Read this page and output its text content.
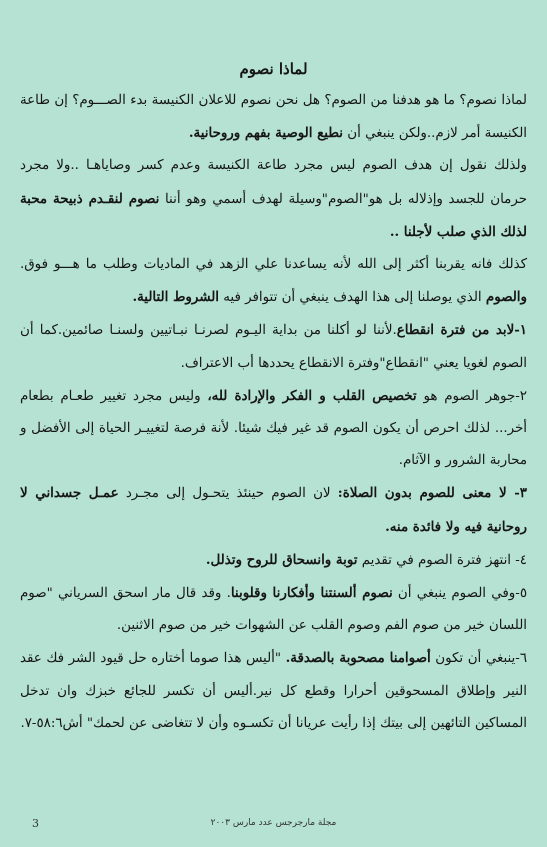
لماذا نصوم

لماذا نصوم؟ ما هو هدفنا من الصوم؟ هل نحن نصوم للاعلان الكنيسة بدء الصـــوم؟ إن طاعة الكنيسة أمر لازم..ولكن ينبغي أن نطيع الوصية بفهم وروحانية.

ولذلك نقول إن هدف الصوم ليس مجرد طاعة الكنيسة وعدم كسر وصاياهـا ..ولا مجرد حرمان للجسد وإذلاله بل هو"الصوم"وسيلة لهدف أسمي وهو أننا نصوم لنقـدم ذبيحة محبة لذلك الذي صلب لأجلنا ..

كذلك فانه يقربنا أكثر إلى الله لأنه يساعدنا علي الزهد في الماديات وطلب ما هـــو فوق. والصوم الذي يوصلنا إلى هذا الهدف ينبغي أن تتوافر فيه الشروط التالية.

١-لابد من فترة انقطاع.لأننا لو أكلنا من بداية اليـوم لصرنـا نبـاتيين ولسنـا صائمين.كما أن الصوم لغويا يعني "انقطاع"وفترة الانقطاع يحددها أب الاعتراف.

٢-جوهر الصوم هو تخصيص القلب و الفكر والإرادة لله، وليس مجرد تغيير طعـام بطعام أخر... لذلك احرص أن يكون الصوم قد غير فيك شيئا. لأنة فرصة لتغييـر الحياة إلى الأفضل و محاربة الشرور و الآثام.

٣- لا معنى للصوم بدون الصلاة: لان الصوم حينئذ يتحـول إلى مجـرد عمـل جسداني لا روحانية فيه ولا فائدة منه.

٤- انتهز فترة الصوم في تقديم توبة وانسحاق للروح وتذلل.

٥-وفي الصوم ينبغي أن نصوم ألسنتنا وأفكارنا وقلوبنا. وقد قال مار اسحق السرياني "صوم اللسان خير من صوم الفم وصوم القلب عن الشهوات خير من صوم الاثنين.

٦-ينبغي أن تكون أصوامنا مصحوبة بالصدقة. "أليس هذا صوما أختاره حل قيود الشر فك عقد النير وإطلاق المسحوقين أحرارا وقطع كل نير.أليس أن تكسر للجائع خبزك وان تدخل المساكين التائهين إلى بيتك إذا رأيت عريانا أن تكسـوه وأن لا تتغاضى عن لحمك" أش٥٨:٦-٧.

3	مجلة مارجرجس عدد مارس ٢٠٠٣
